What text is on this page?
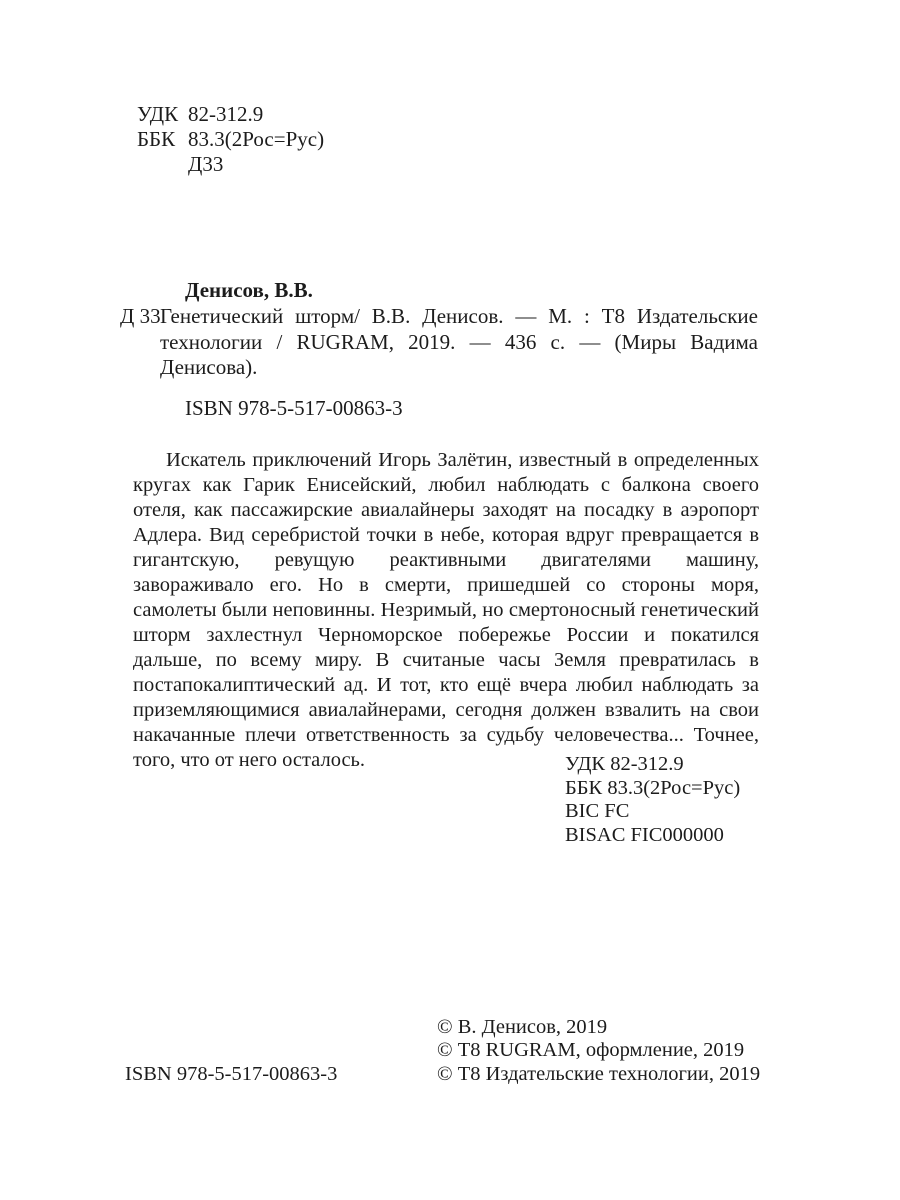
УДК 82-312.9
ББК 83.3(2Рос=Рус)
Д33
Денисов, В.В.
Д 33 Генетический шторм/ В.В. Денисов. — М. : Т8 Издательские технологии / RUGRAM, 2019. — 436 с. — (Миры Вадима Денисова).
ISBN 978-5-517-00863-3
Искатель приключений Игорь Залётин, известный в определенных кругах как Гарик Енисейский, любил наблюдать с балкона своего отеля, как пассажирские авиалайнеры заходят на посадку в аэропорт Адлера. Вид серебристой точки в небе, которая вдруг превращается в гигантскую, ревущую реактивными двигателями машину, завораживало его. Но в смерти, пришедшей со стороны моря, самолеты были неповинны. Незримый, но смертоносный генетический шторм захлестнул Черноморское побережье России и покатился дальше, по всему миру. В считаные часы Земля превратилась в постапокалиптический ад. И тот, кто ещё вчера любил наблюдать за приземляющимися авиалайнерами, сегодня должен взвалить на свои накачанные плечи ответственность за судьбу человечества... Точнее, того, что от него осталось.	УДК 82-312.9
ББК 83.3(2Рос=Рус)
BIC FC
BISAC FIC000000
© В. Денисов, 2019
© Т8 RUGRAM, оформление, 2019
© Т8 Издательские технологии, 2019
ISBN 978-5-517-00863-3
